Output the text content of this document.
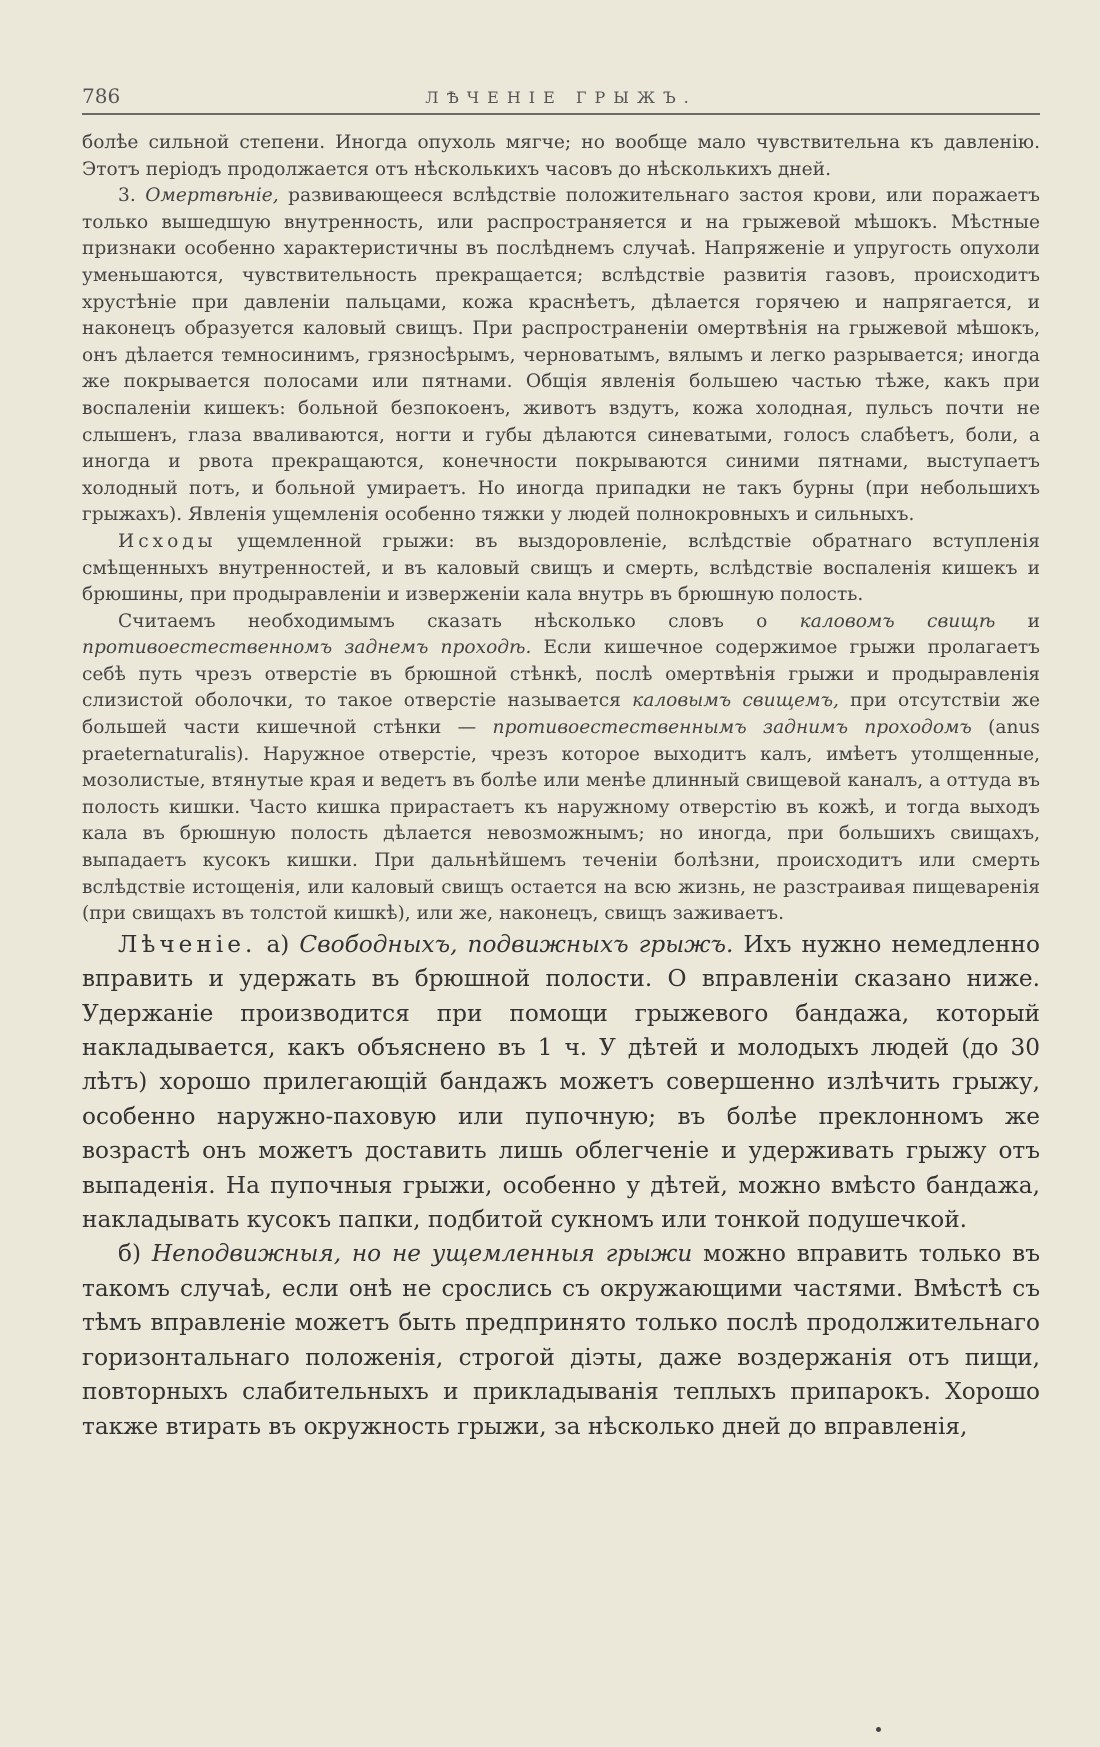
786	ЛѢЧЕНІЕ ГРЫЖЪ.

болѣе сильной степени. Иногда опухоль мягче; но вообще мало чувствительна къ давленію. Этотъ періодъ продолжается отъ нѣсколькихъ часовъ до нѣсколькихъ дней.

3. Омертвѣніе, развивающееся вслѣдствіе положительнаго застоя крови, или поражаетъ только вышедшую внутренность, или распространяется и на грыжевой мѣшокъ. Мѣстные признаки особенно характеристичны въ послѣднемъ случаѣ. Напряженіе и упругость опухоли уменьшаются, чувствительность прекращается; вслѣдствіе развитія газовъ, происходитъ хрустѣніе при давленіи пальцами, кожа краснѣетъ, дѣлается горячею и напрягается, и наконецъ образуется каловый свищъ. При распространеніи омертвѣнія на грыжевой мѣшокъ, онъ дѣлается темносинимъ, грязносѣрымъ, черноватымъ, вялымъ и легко разрывается; иногда же покрывается полосами или пятнами. Общія явленія большею частью тѣже, какъ при воспаленіи кишекъ: больной безпокоенъ, животъ вздутъ, кожа холодная, пульсъ почти не слышенъ, глаза вваливаются, ногти и губы дѣлаются синеватыми, голосъ слабѣетъ, боли, а иногда и рвота прекращаются, конечности покрываются синими пятнами, выступаетъ холодный потъ, и больной умираетъ. Но иногда припадки не такъ бурны (при небольшихъ грыжахъ). Явленія ущемленія особенно тяжки у людей полнокровныхъ и сильныхъ.

Исходы ущемленной грыжи: въ выздоровленіе, вслѣдствіе обратнаго вступленія смѣщенныхъ внутренностей, и въ каловый свищъ и смерть, вслѣдствіе воспаленія кишекъ и брюшины, при продыравленіи и изверженіи кала внутрь въ брюшную полость.

Считаемъ необходимымъ сказать нѣсколько словъ о каловомъ свищѣ и противоестественномъ заднемъ проходѣ. Если кишечное содержимое грыжи пролагаетъ себѣ путь чрезъ отверстіе въ брюшной стѣнкѣ, послѣ омертвѣнія грыжи и продыравленія слизистой оболочки, то такое отверстіе называется каловымъ свищемъ, при отсутствіи же большей части кишечной стѣнки — противоестественнымъ заднимъ проходомъ (anus praeternaturalis). Наружное отверстіе, чрезъ которое выходитъ калъ, имѣетъ утолщенные, мозолистые, втянутые края и ведетъ въ болѣе или менѣе длинный свищевой каналъ, а оттуда въ полость кишки. Часто кишка прирастаетъ къ наружному отверстію въ кожѣ, и тогда выходъ кала въ брюшную полость дѣлается невозможнымъ; но иногда, при большихъ свищахъ, выпадаетъ кусокъ кишки. При дальнѣйшемъ теченіи болѣзни, происходитъ или смерть вслѣдствіе истощенія, или каловый свищъ остается на всю жизнь, не разстраивая пищеваренія (при свищахъ въ толстой кишкѣ), или же, наконецъ, свищъ заживаетъ.

Лѣченіе. а) Свободныхъ, подвижныхъ грыжъ. Ихъ нужно немедленно вправить и удержать въ брюшной полости. О вправленіи сказано ниже. Удержаніе производится при помощи грыжевого бандажа, который накладывается, какъ объяснено въ 1 ч. У дѣтей и молодыхъ людей (до 30 лѣтъ) хорошо прилегающій бандажъ можетъ совершенно излѣчить грыжу, особенно наружно-паховую или пупочную; въ болѣе преклонномъ же возрастѣ онъ можетъ доставить лишь облегченіе и удерживать грыжу отъ выпаденія. На пупочныя грыжи, особенно у дѣтей, можно вмѣсто бандажа, накладывать кусокъ папки, подбитой сукномъ или тонкой подушечкой.

б) Неподвижныя, но не ущемленныя грыжи можно вправить только въ такомъ случаѣ, если онѣ не срослись съ окружающими частями. Вмѣстѣ съ тѣмъ вправленіе можетъ быть предпринято только послѣ продолжительнаго горизонтальнаго положенія, строгой діэты, даже воздержанія отъ пищи, повторныхъ слабительныхъ и прикладыванія теплыхъ припарокъ. Хорошо также втирать въ окружность грыжи, за нѣсколько дней до вправленія,
